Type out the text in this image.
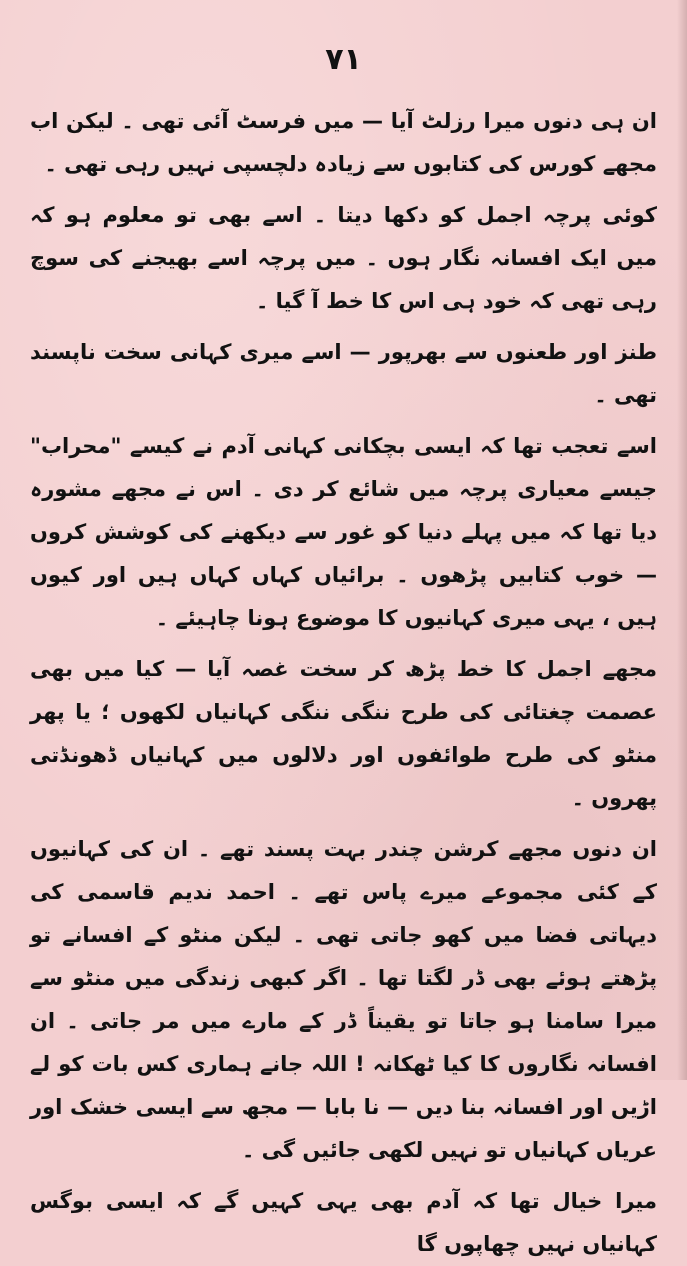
۷۱

ان ہی دنوں میرا رزلٹ آیا — میں فرسٹ آئی تھی ۔ لیکن اب مجھے کورس کی کتابوں سے زیادہ دلچسپی نہیں رہی تھی ۔

کوئی پرچہ اجمل کو دکھا دیتا ۔ اسے بھی تو معلوم ہو کہ میں ایک افسانہ نگار ہوں ۔ میں پرچہ اسے بھیجنے کی سوچ رہی تھی کہ خود ہی اس کا خط آ گیا ۔

طنز اور طعنوں سے بھرپور — اسے میری کہانی سخت ناپسند تھی ۔

اسے تعجب تھا کہ ایسی بچکانی کہانی آدم نے کیسے "محراب" جیسے معیاری پرچہ میں شائع کر دی ۔ اس نے مجھے مشورہ دیا تھا کہ میں پہلے دنیا کو غور سے دیکھنے کی کوشش کروں — خوب کتابیں پڑھوں ۔ برائیاں کہاں کہاں ہیں اور کیوں ہیں ، یہی میری کہانیوں کا موضوع ہونا چاہیئے ۔

مجھے اجمل کا خط پڑھ کر سخت غصہ آیا — کیا میں بھی عصمت چغتائی کی طرح ننگی ننگی کہانیاں لکھوں ؛ یا پھر منٹو کی طرح طوائفوں اور دلالوں میں کہانیاں ڈھونڈتی پھروں ۔

ان دنوں مجھے کرشن چندر بہت پسند تھے ۔ ان کی کہانیوں کے کئی مجموعے میرے پاس تھے ۔ احمد ندیم قاسمی کی دیہاتی فضا میں کھو جاتی تھی ۔ لیکن منٹو کے افسانے تو پڑھتے ہوئے بھی ڈر لگتا تھا ۔ اگر کبھی زندگی میں منٹو سے میرا سامنا ہو جاتا تو یقیناً ڈر کے مارے میں مر جاتی ۔ ان افسانہ نگاروں کا کیا ٹھکانہ ! اللہ جانے ہماری کس بات کو لے اڑیں اور افسانہ بنا دیں — نا بابا — مجھ سے ایسی خشک اور عریاں کہانیاں تو نہیں لکھی جائیں گی ۔

میرا خیال تھا کہ آدم بھی یہی کہیں گے کہ ایسی بوگس کہانیاں نہیں چھاپوں گا
